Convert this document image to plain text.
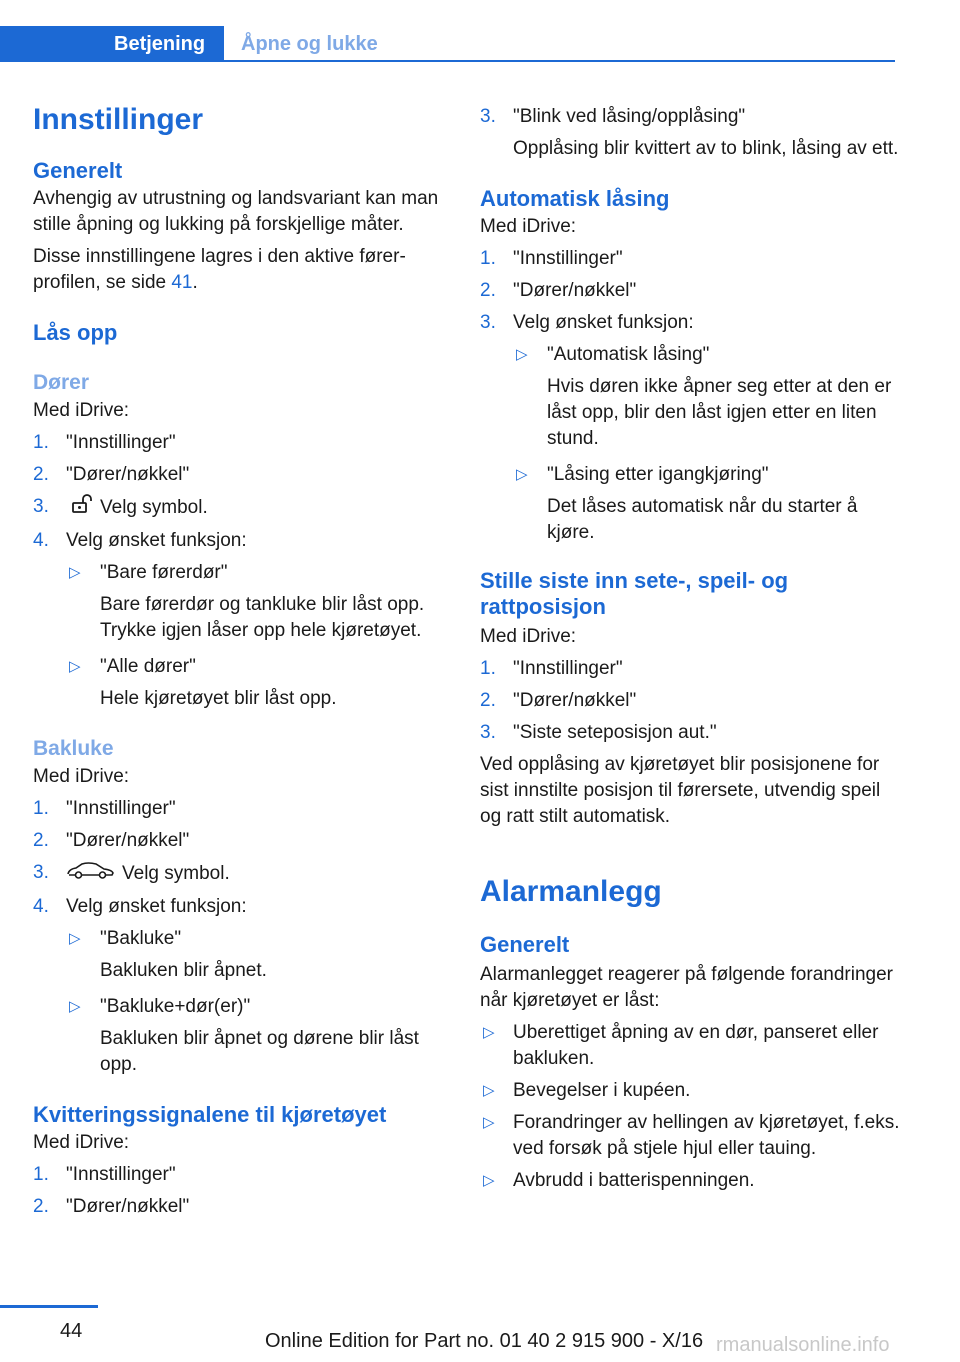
Betjening Åpne og lukke
Innstillinger
Generelt
Avhengig av utrustning og landsvariant kan man stille åpning og lukking på forskjellige måter.
Disse innstillingene lagres i den aktive førerprofilen, se side 41.
Lås opp
Dører
Med iDrive:
1. "Innstillinger"
2. "Dører/nøkkel"
3.	Velg symbol.
4. Velg ønsket funksjon:
▷ "Bare førerdør"
Bare førerdør og tankluke blir låst opp. Trykke igjen låser opp hele kjøretøyet.
▷ "Alle dører"
Hele kjøretøyet blir låst opp.
Bakluke
Med iDrive:
1. "Innstillinger"
2. "Dører/nøkkel"
3.	Velg symbol.
4. Velg ønsket funksjon:
▷ "Bakluke"
Bakluken blir åpnet.
▷ "Bakluke+dør(er)"
Bakluken blir åpnet og dørene blir låst opp.
Kvitteringssignalene til kjøretøyet
Med iDrive:
1. "Innstillinger"
2. "Dører/nøkkel"
3. "Blink ved låsing/opplåsing"
Opplåsing blir kvittert av to blink, låsing av ett.
Automatisk låsing
Med iDrive:
1. "Innstillinger"
2. "Dører/nøkkel"
3. Velg ønsket funksjon:
▷ "Automatisk låsing"
Hvis døren ikke åpner seg etter at den er låst opp, blir den låst igjen etter en liten stund.
▷ "Låsing etter igangkjøring"
Det låses automatisk når du starter å kjøre.
Stille siste inn sete-, speil- og rattposisjon
Med iDrive:
1. "Innstillinger"
2. "Dører/nøkkel"
3. "Siste seteposisjon aut."
Ved opplåsing av kjøretøyet blir posisjonene for sist innstilte posisjon til førersete, utvendig speil og ratt stilt automatisk.
Alarmanlegg
Generelt
Alarmanlegget reagerer på følgende forandringer når kjøretøyet er låst:
▷ Uberettiget åpning av en dør, panseret eller bakluken.
▷ Bevegelser i kupéen.
▷ Forandringer av hellingen av kjøretøyet, f.eks. ved forsøk på stjele hjul eller tauing.
▷ Avbrudd i batterispenningen.
44	Online Edition for Part no. 01 40 2 915 900 - X/16 rmanualsonline.info
